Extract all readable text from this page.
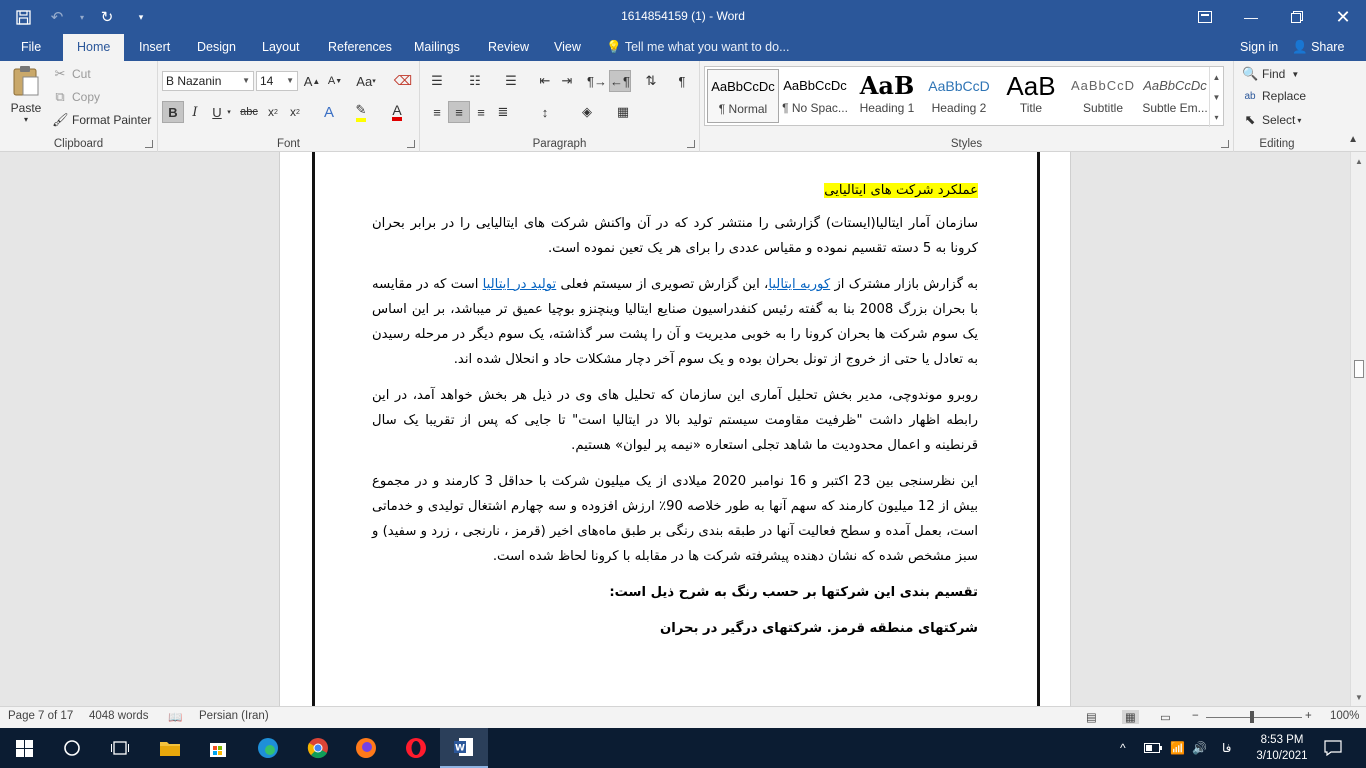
↶	▾	↻	▾	1614854159 (1) - Word	—	✕
File	Home	Insert Design Layout References Mailings Review View 💡 Tell me what you want to do...	Sign in 👤 Share
Paste
▾
✂ Cut
⧉ Copy
🖌 Format Painter
Clipboard
B Nazanin	▼ 14 ▼ A ▲ A ▼	Aa ▾ ⌫
B	I	U ▾ abc x 2	x 2	A	✎ A
Font
☰	☷	☰	⇤ ⇥	¶→ ←¶	⇅	¶
≡	≡	≡ ≣	↕	◈	▦
Paragraph
AaBbCcDc
¶ Normal
AaBbCcDc
¶ No Spac...
AaB
Heading 1
AaBbCcD
Heading 2
AaB
Title
AaBbCcD
Subtitle
AaBbCcDc
Subtle Em...
▲
▼
▾
Styles
🔍 Find ▼
ab Replace
⬉ Select ▾
Editing	▲

عملکرد شرکت های ایتالیایی

سازمان آمار ایتالیا(ایستات) گزارشی را منتشر کرد که در آن واکنش شرکت های ایتالیایی را در برابر بحران کرونا به 5 دسته تقسیم نموده و مقیاس عددی را برای هر یک تعین نموده است.

به گزارش بازار مشترک از کوریه ایتالیا، این گزارش تصویری از سیستم فعلی تولید در ایتالیا است که در مقایسه با بحران بزرگ 2008 بنا به گفته رئیس کنفدراسیون صنایع ایتالیا وینچنزو بوچیا عمیق تر میباشد، بر این اساس یک سوم شرکت ها بحران کرونا را به خوبی مدیریت و آن را پشت سر گذاشته، یک سوم دیگر در مرحله رسیدن به تعادل یا حتی از خروج از تونل بحران بوده و یک سوم آخر دچار مشکلات حاد و انحلال شده اند.

روبرو موندوچی، مدیر بخش تحلیل آماری این سازمان که تحلیل های وی در ذیل هر بخش خواهد آمد، در این رابطه اظهار داشت "ظرفیت مقاومت سیستم تولید بالا در ایتالیا است" تا جایی که پس از تقریبا یک سال قرنطینه و اعمال محدودیت ما شاهد تجلی استعاره «نیمه پر لیوان» هستیم.

این نظرسنجی بین 23 اکتبر و 16 نوامبر 2020 میلادی از یک میلیون شرکت با حداقل 3 کارمند و در مجموع بیش از 12 میلیون کارمند که سهم آنها به طور خلاصه 90٪ ارزش افزوده و سه چهارم اشتغال تولیدی و خدماتی است، بعمل آمده و سطح فعالیت آنها در طبقه بندی رنگی بر طبق ماه‌های اخیر (قرمز ، نارنجی ، زرد و سفید) و سبز مشخص شده که نشان دهنده پیشرفته شرکت ها در مقابله با کرونا لحاظ شده است.

تقسیم بندی این شرکتها بر حسب رنگ به شرح ذیل است:

شرکتهای منطقه قرمز. شرکتهای درگیر در بحران

▲
▼
Page 7 of 17 4048 words 📖 Persian (Iran)	▤ ▦ ▭ −	+ 100%
W	^	📶 🔊 فا
8:53 PM
3/10/2021
